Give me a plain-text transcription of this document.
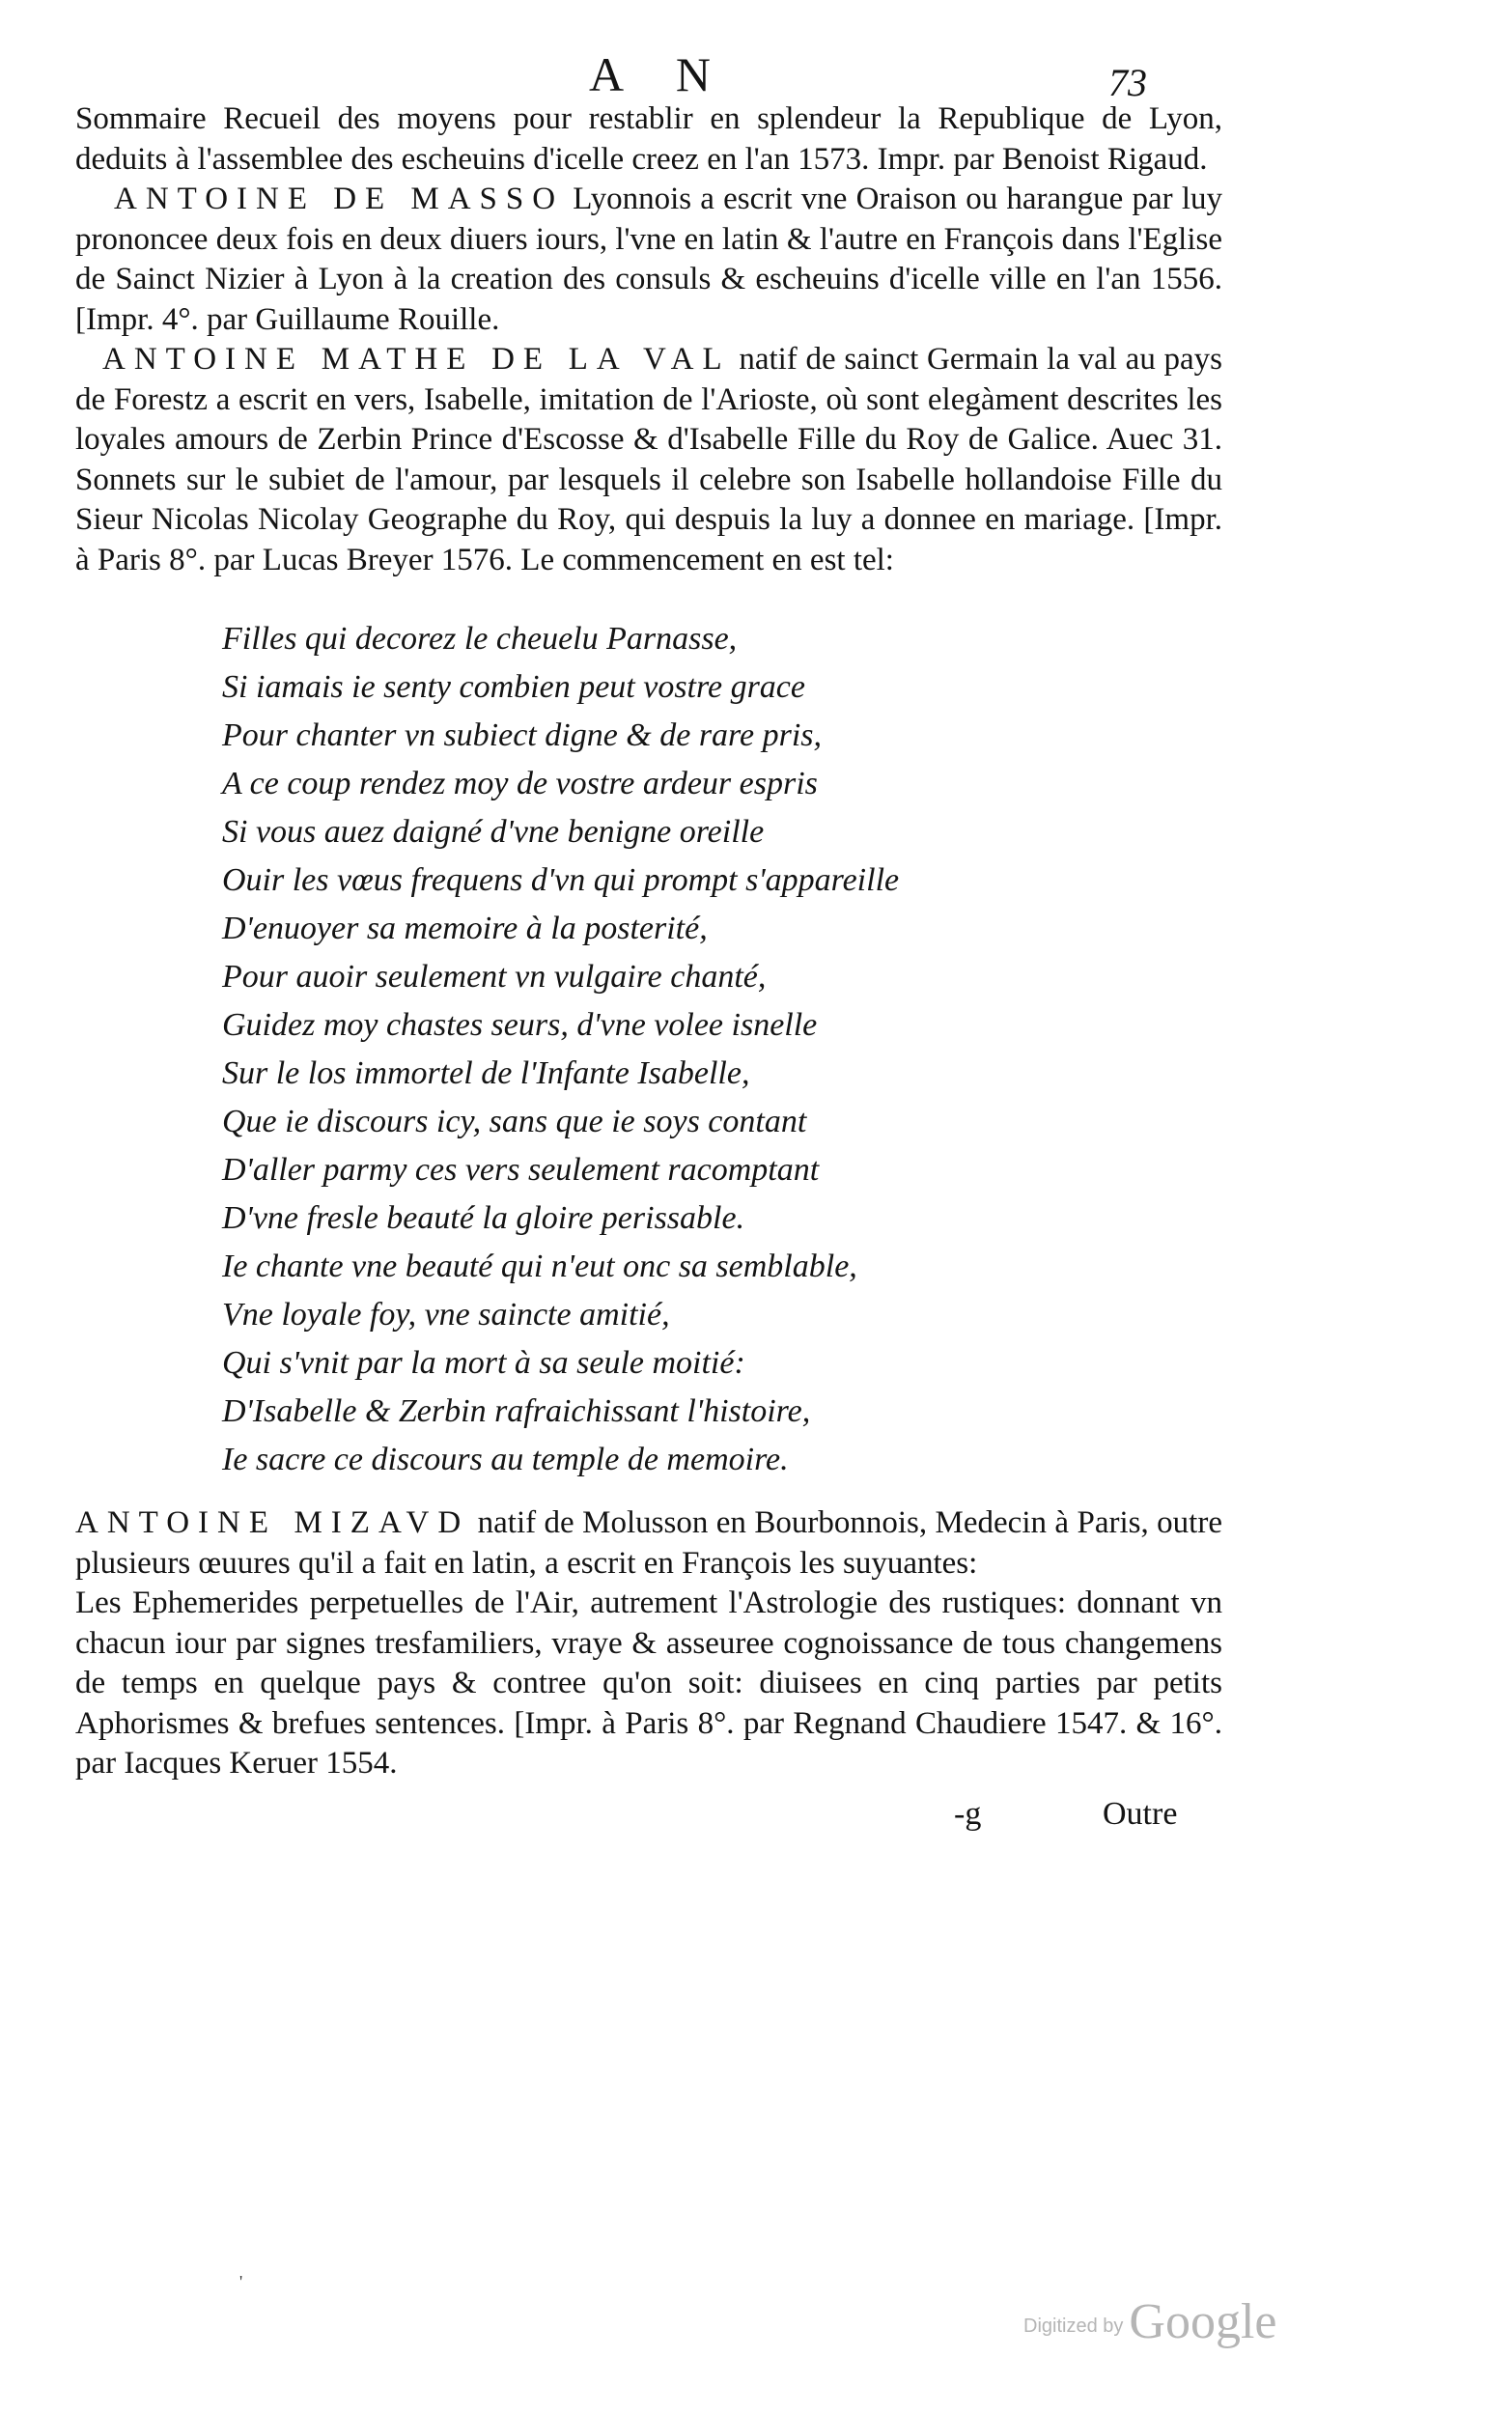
A N	73

Sommaire Recueil des moyens pour restablir en splendeur la Republique de Lyon, deduits à l'assemblee des escheuins d'icelle creez en l'an 1573. Impr. par Benoist Rigaud.

ANTOINE DE MASSO Lyonnois a escrit vne Oraison ou harangue par luy prononcee deux fois en deux diuers iours, l'vne en latin & l'autre en François dans l'Eglise de Sainct Nizier à Lyon à la creation des consuls & escheuins d'icelle ville en l'an 1556. [Impr. 4°. par Guillaume Rouille.

ANTOINE MATHE DE LA VAL natif de sainct Germain la val au pays de Forestz a escrit en vers, Isabelle, imitation de l'Arioste, où sont elegàment descrites les loyales amours de Zerbin Prince d'Escosse & d'Isabelle Fille du Roy de Galice. Auec 31. Sonnets sur le subiet de l'amour, par lesquels il celebre son Isabelle hollandoise Fille du Sieur Nicolas Nicolay Geographe du Roy, qui despuis la luy a donnee en mariage. [Impr. à Paris 8°. par Lucas Breyer 1576. Le commencement en est tel:

Filles qui decorez le cheuelu Parnasse,
Si iamais ie senty combien peut vostre grace
Pour chanter vn subiect digne & de rare pris,
A ce coup rendez moy de vostre ardeur espris
Si vous auez daigné d'vne benigne oreille
Ouir les vœus frequens d'vn qui prompt s'appareille
D'enuoyer sa memoire à la posterité,
Pour auoir seulement vn vulgaire chanté,
Guidez moy chastes seurs, d'vne volee isnelle
Sur le los immortel de l'Infante Isabelle,
Que ie discours icy, sans que ie soys contant
D'aller parmy ces vers seulement racomptant
D'vne fresle beauté la gloire perissable.
Ie chante vne beauté qui n'eut onc sa semblable,
Vne loyale foy, vne saincte amitié,
Qui s'vnit par la mort à sa seule moitié:
D'Isabelle & Zerbin rafraichissant l'histoire,
Ie sacre ce discours au temple de memoire.

ANTOINE MIZAVD natif de Molusson en Bourbonnois, Medecin à Paris, outre plusieurs œuures qu'il a fait en latin, a escrit en François les suyuantes:

Les Ephemerides perpetuelles de l'Air, autrement l'Astrologie des rustiques: donnant vn chacun iour par signes tresfamiliers, vraye & asseuree cognoissance de tous changemens de temps en quelque pays & contree qu'on soit: diuisees en cinq parties par petits Aphorismes & brefues sentences. [Impr. à Paris 8°. par Regnand Chaudiere 1547. & 16°. par Iacques Keruer 1554.

-g	Outre
'
Digitized by Google
